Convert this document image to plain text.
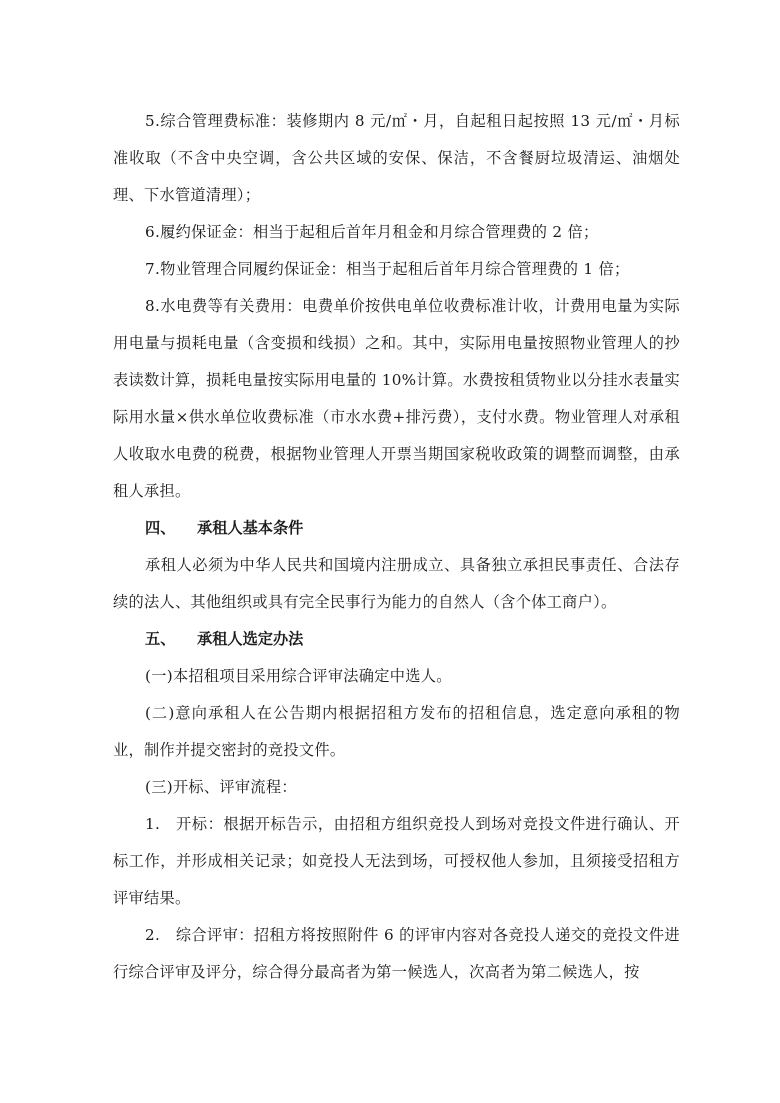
5.综合管理费标准：装修期内 8 元/㎡・月，自起租日起按照 13 元/㎡・月标准收取（不含中央空调，含公共区域的安保、保洁，不含餐厨垃圾清运、油烟处理、下水管道清理）；

6.履约保证金：相当于起租后首年月租金和月综合管理费的 2 倍；

7.物业管理合同履约保证金：相当于起租后首年月综合管理费的 1 倍；

8.水电费等有关费用：电费单价按供电单位收费标准计收，计费用电量为实际用电量与损耗电量（含变损和线损）之和。其中，实际用电量按照物业管理人的抄表读数计算，损耗电量按实际用电量的 10%计算。水费按租赁物业以分挂水表量实际用水量×供水单位收费标准（市水水费+排污费），支付水费。物业管理人对承租人收取水电费的税费，根据物业管理人开票当期国家税收政策的调整而调整，由承租人承担。

四、 承租人基本条件

承租人必须为中华人民共和国境内注册成立、具备独立承担民事责任、合法存续的法人、其他组织或具有完全民事行为能力的自然人（含个体工商户）。

五、 承租人选定办法

(一)本招租项目采用综合评审法确定中选人。

(二)意向承租人在公告期内根据招租方发布的招租信息，选定意向承租的物业，制作并提交密封的竞投文件。

(三)开标、评审流程：

1.　开标：根据开标告示，由招租方组织竞投人到场对竞投文件进行确认、开标工作，并形成相关记录；如竞投人无法到场，可授权他人参加，且须接受招租方评审结果。

2.　综合评审：招租方将按照附件 6 的评审内容对各竞投人递交的竞投文件进行综合评审及评分，综合得分最高者为第一候选人，次高者为第二候选人，按
